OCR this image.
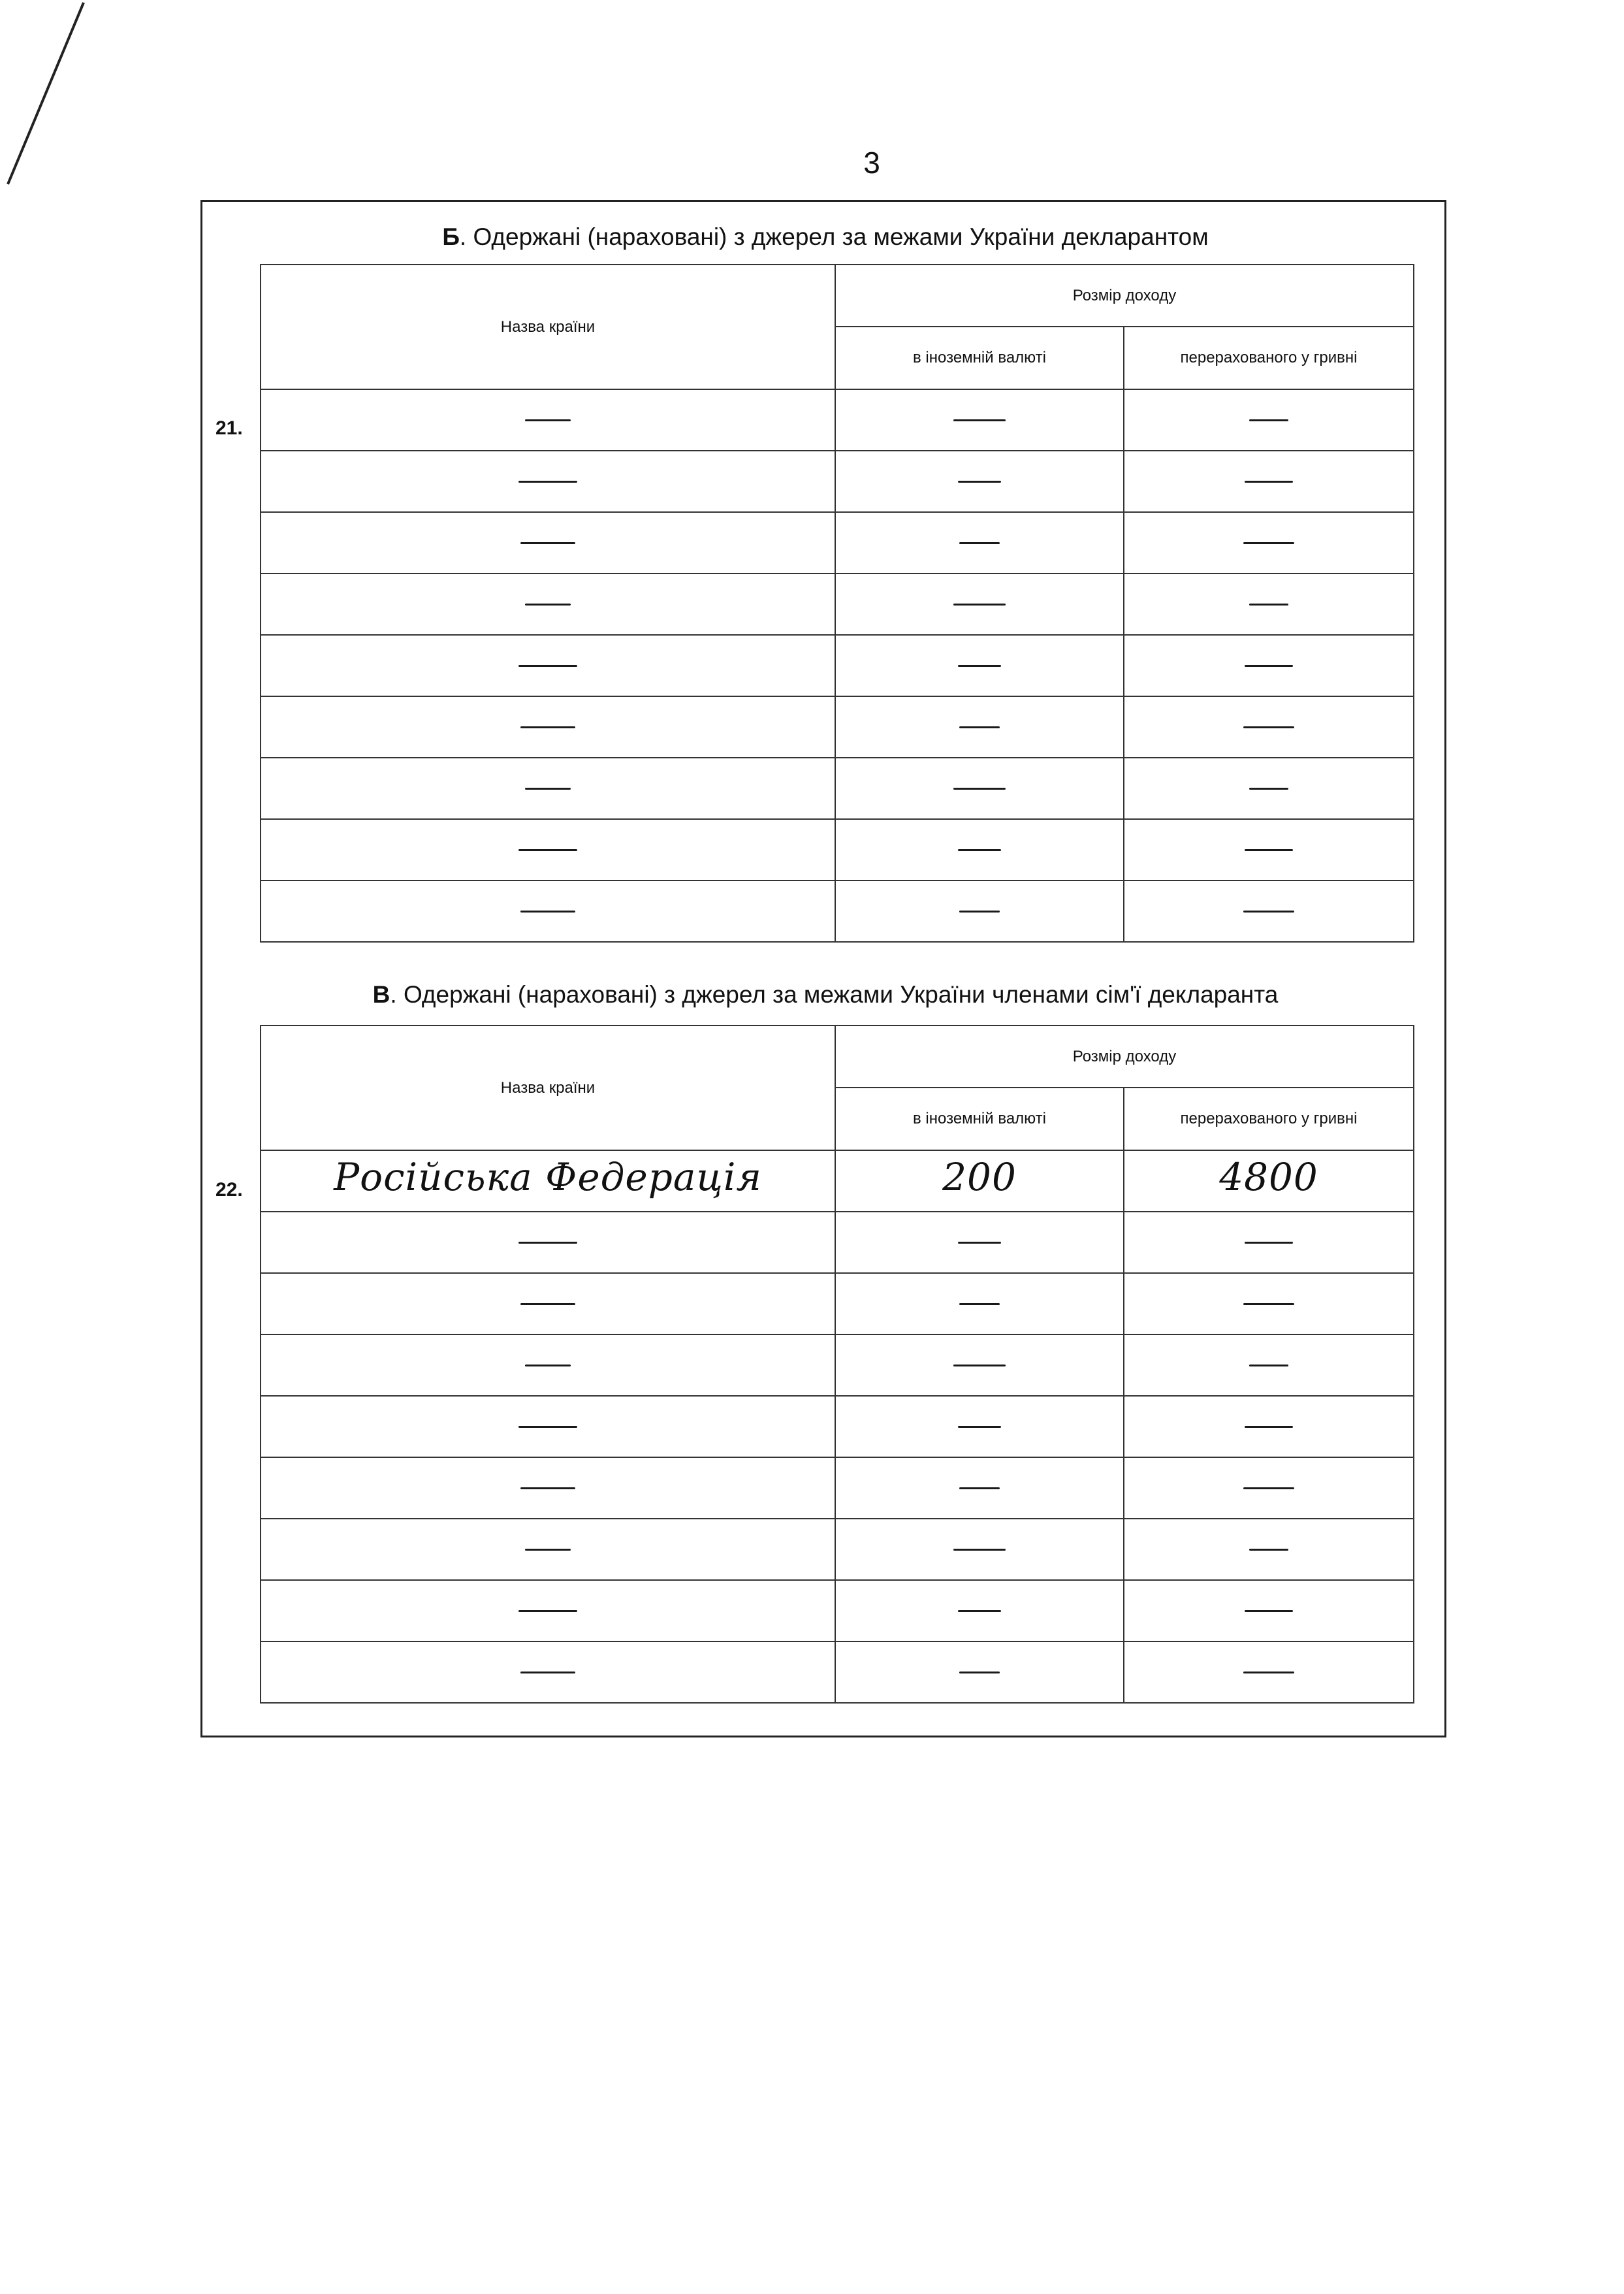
3
Б. Одержані (нараховані) з джерел за межами України декларантом
21.
Назва країни	Розмір доходу	
	в іноземній валюті	перерахованого у гривні

В. Одержані (нараховані) з джерел за межами України членами сім'ї декларанта
22.
Назва країни	Розмір доходу	
	в іноземній валюті	перерахованого у гривні
Російська Федерація	200	4800
